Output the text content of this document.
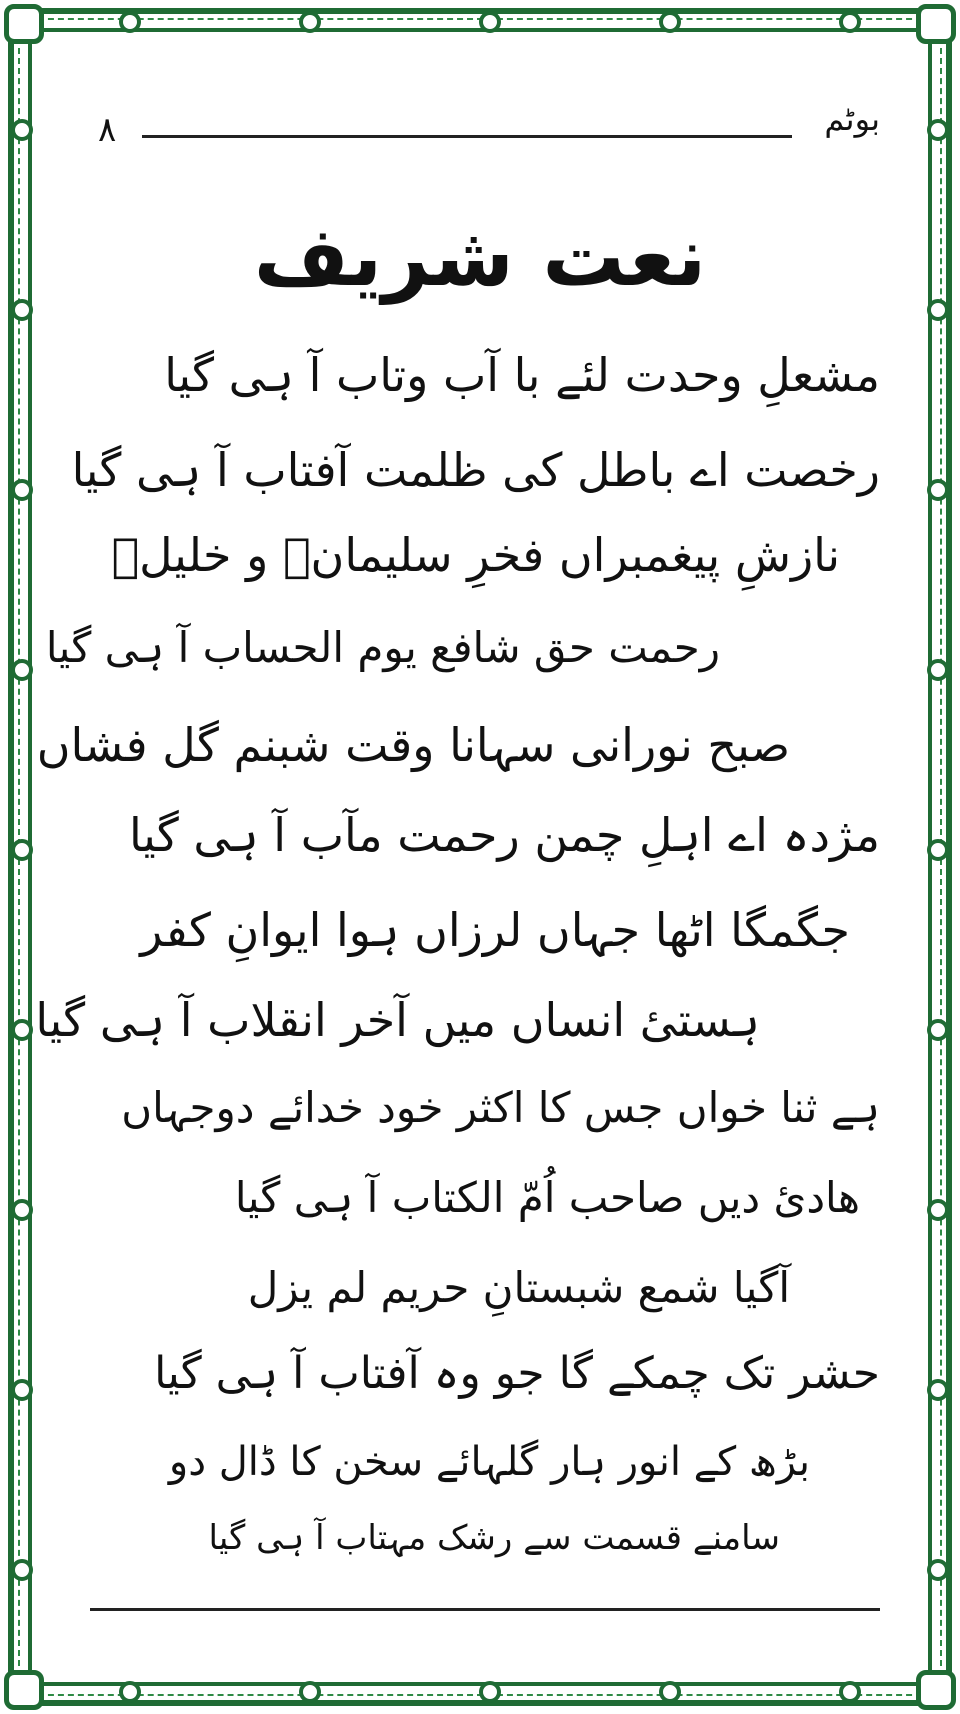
۸	بوٹم
نعت شریف
مشعلِ وحدت لئے با آب وتاب آ ہی گیا
رخصت اے باطل کی ظلمت آفتاب آ ہی گیا
نازشِ پیغمبراں فخرِ سلیمانؑ و خلیلؑ
رحمت حق شافع یوم الحساب آ ہی گیا
صبح نورانی سہانا وقت شبنم گل فشاں
مژدہ اے اہلِ چمن رحمت مآب آ ہی گیا
جگمگا اٹھا جہاں لرزاں ہوا ایوانِ کفر
ہستیٔ انساں میں آخر انقلاب آ ہی گیا
ہے ثنا خواں جس کا اکثر خود خدائے دوجہاں
ھادیٔ دیں صاحب اُمّ الکتاب آ ہی گیا
آگیا شمع شبستانِ حریم لم یزل
حشر تک چمکے گا جو وہ آفتاب آ ہی گیا
بڑھ کے انور ہار گلہائے سخن کا ڈال دو
سامنے قسمت سے رشک مہتاب آ ہی گیا
